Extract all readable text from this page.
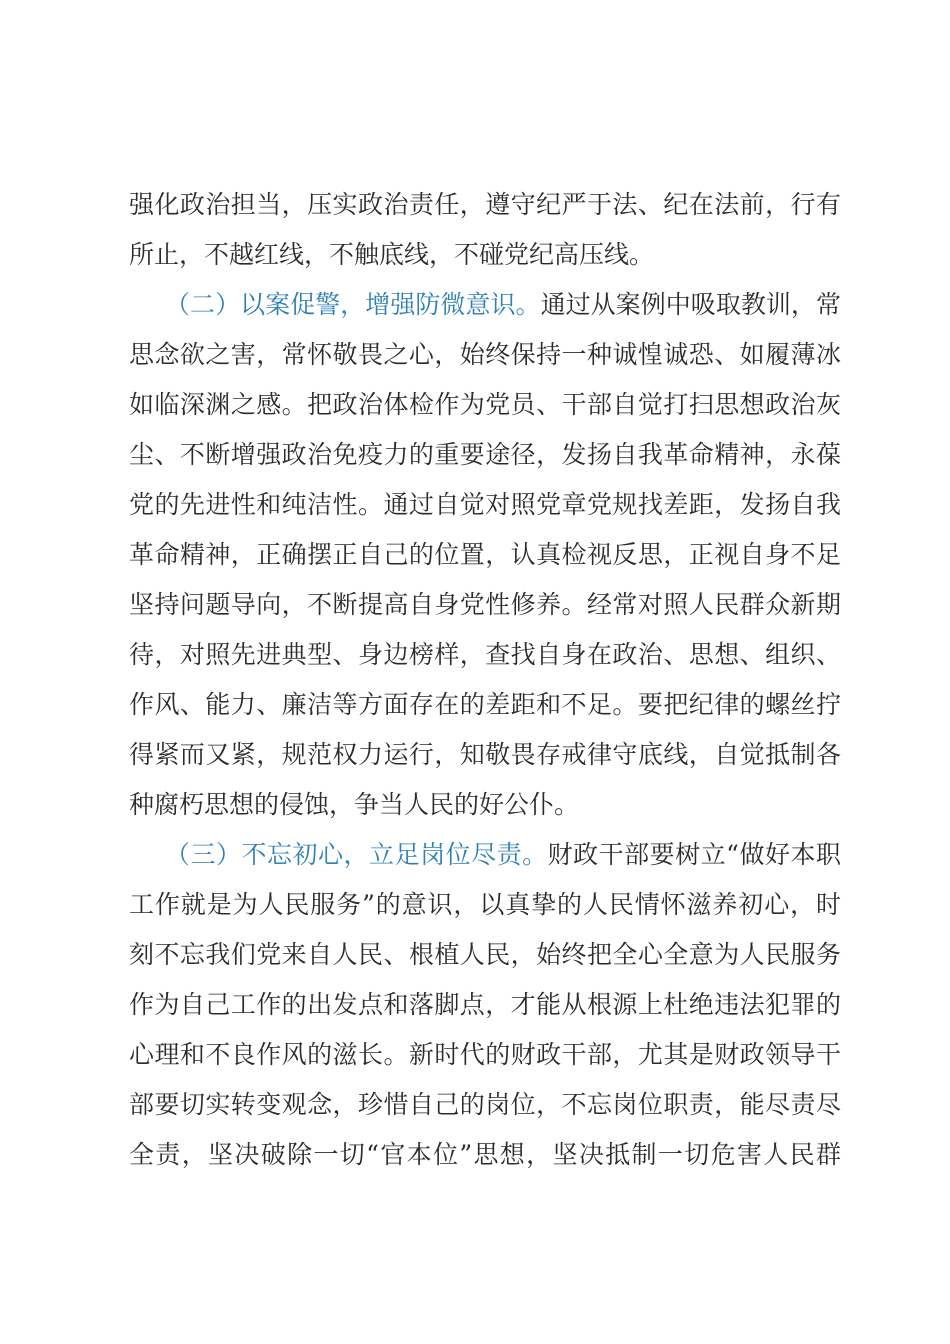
强化政治担当，压实政治责任，遵守纪严于法、纪在法前，行有
所止，不越红线，不触底线，不碰党纪高压线。
（二）以案促警，增强防微意识。通过从案例中吸取教训，常
思念欲之害，常怀敬畏之心，始终保持一种诚惶诚恐、如履薄冰
如临深渊之感。把政治体检作为党员、干部自觉打扫思想政治灰
尘、不断增强政治免疫力的重要途径，发扬自我革命精神，永葆
党的先进性和纯洁性。通过自觉对照党章党规找差距，发扬自我
革命精神，正确摆正自己的位置，认真检视反思，正视自身不足
坚持问题导向，不断提高自身党性修养。经常对照人民群众新期
待，对照先进典型、身边榜样，查找自身在政治、思想、组织、
作风、能力、廉洁等方面存在的差距和不足。要把纪律的螺丝拧
得紧而又紧，规范权力运行，知敬畏存戒律守底线，自觉抵制各
种腐朽思想的侵蚀，争当人民的好公仆。
（三）不忘初心，立足岗位尽责。财政干部要树立“做好本职
工作就是为人民服务”的意识，以真挚的人民情怀滋养初心，时
刻不忘我们党来自人民、根植人民，始终把全心全意为人民服务
作为自己工作的出发点和落脚点，才能从根源上杜绝违法犯罪的
心理和不良作风的滋长。新时代的财政干部，尤其是财政领导干
部要切实转变观念，珍惜自己的岗位，不忘岗位职责，能尽责尽
全责，坚决破除一切“官本位”思想，坚决抵制一切危害人民群
